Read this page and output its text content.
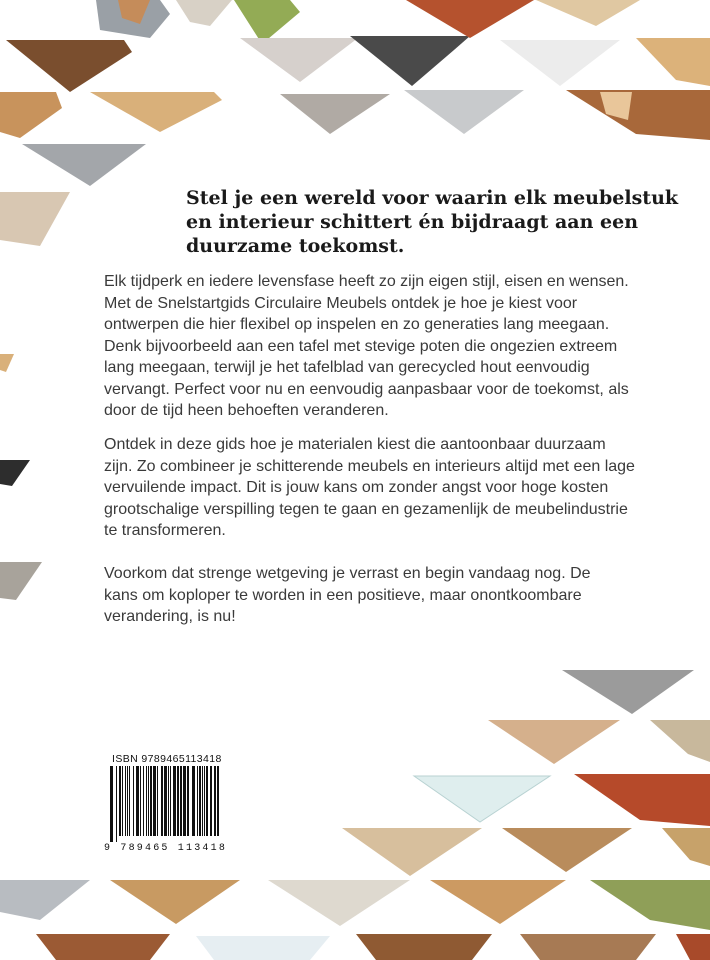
Stel je een wereld voor waarin elk meubelstuk
en interieur schittert én bijdraagt aan een
duurzame toekomst.

Elk tijdperk en iedere levensfase heeft zo zijn eigen stijl, eisen en wensen.
Met de Snelstartgids Circulaire Meubels ontdek je hoe je kiest voor
ontwerpen die hier flexibel op inspelen en zo generaties lang meegaan.
Denk bijvoorbeeld aan een tafel met stevige poten die ongezien extreem
lang meegaan, terwijl je het tafelblad van gerecycled hout eenvoudig
vervangt. Perfect voor nu en eenvoudig aanpasbaar voor de toekomst, als
door de tijd heen behoeften veranderen.

Ontdek in deze gids hoe je materialen kiest die aantoonbaar duurzaam
zijn. Zo combineer je schitterende meubels en interieurs altijd met een lage
vervuilende impact. Dit is jouw kans om zonder angst voor hoge kosten
grootschalige verspilling tegen te gaan en gezamenlijk de meubelindustrie
te transformeren.

Voorkom dat strenge wetgeving je verrast en begin vandaag nog. De
kans om koploper te worden in een positieve, maar onontkoombare
verandering, is nu!

ISBN 9789465113418
9 789465 113418
